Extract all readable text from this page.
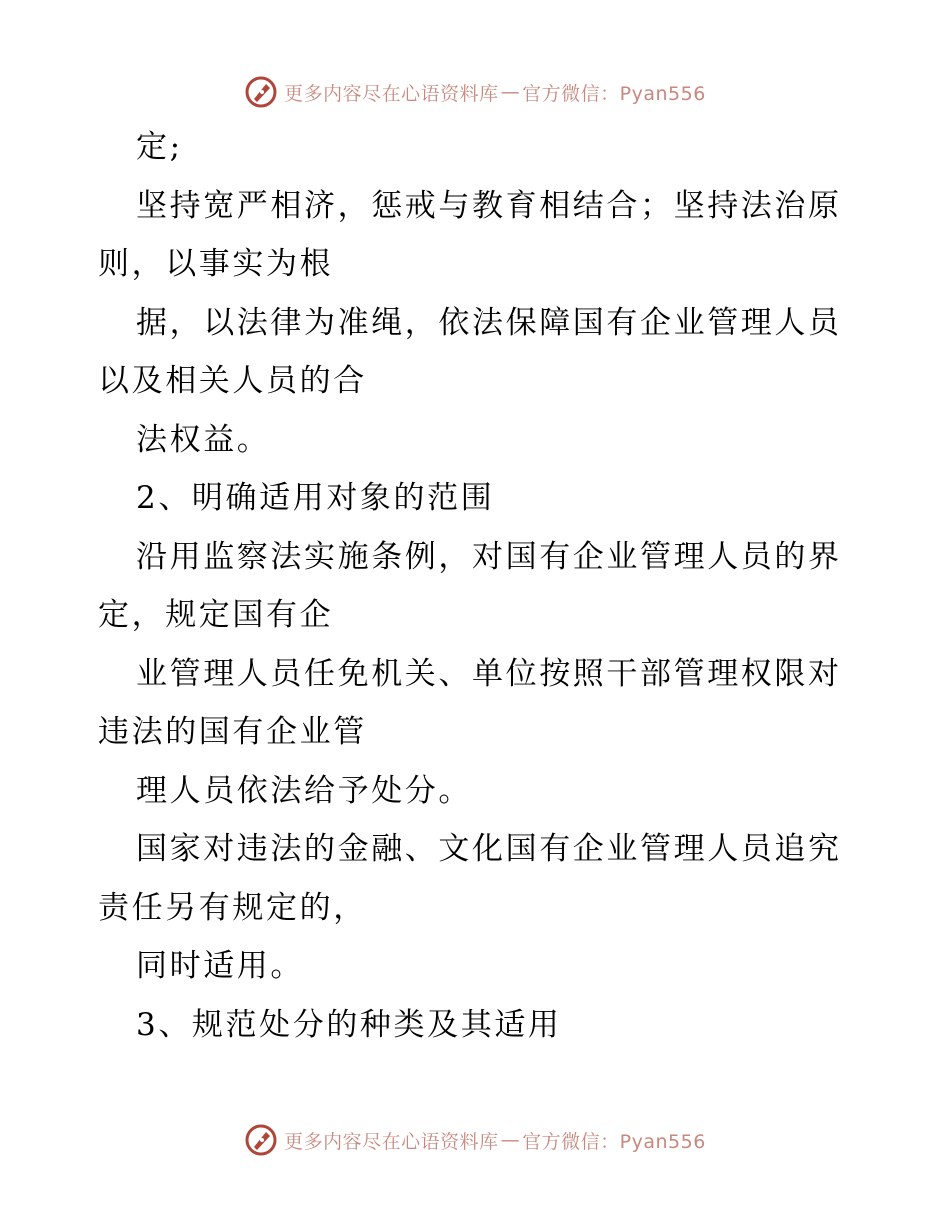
更多内容尽在心语资料库 — 官方微信：Pyan556
定;
坚持宽严相济，惩戒与教育相结合；坚持法治原
则，以事实为根
据，以法律为准绳，依法保障国有企业管理人员
以及相关人员的合
法权益。
2、明确适用对象的范围
沿用监察法实施条例，对国有企业管理人员的界
定，规定国有企
业管理人员任免机关、单位按照干部管理权限对
违法的国有企业管
理人员依法给予处分。
国家对违法的金融、文化国有企业管理人员追究
责任另有规定的，
同时适用。
3、规范处分的种类及其适用
更多内容尽在心语资料库 — 官方微信：Pyan556
